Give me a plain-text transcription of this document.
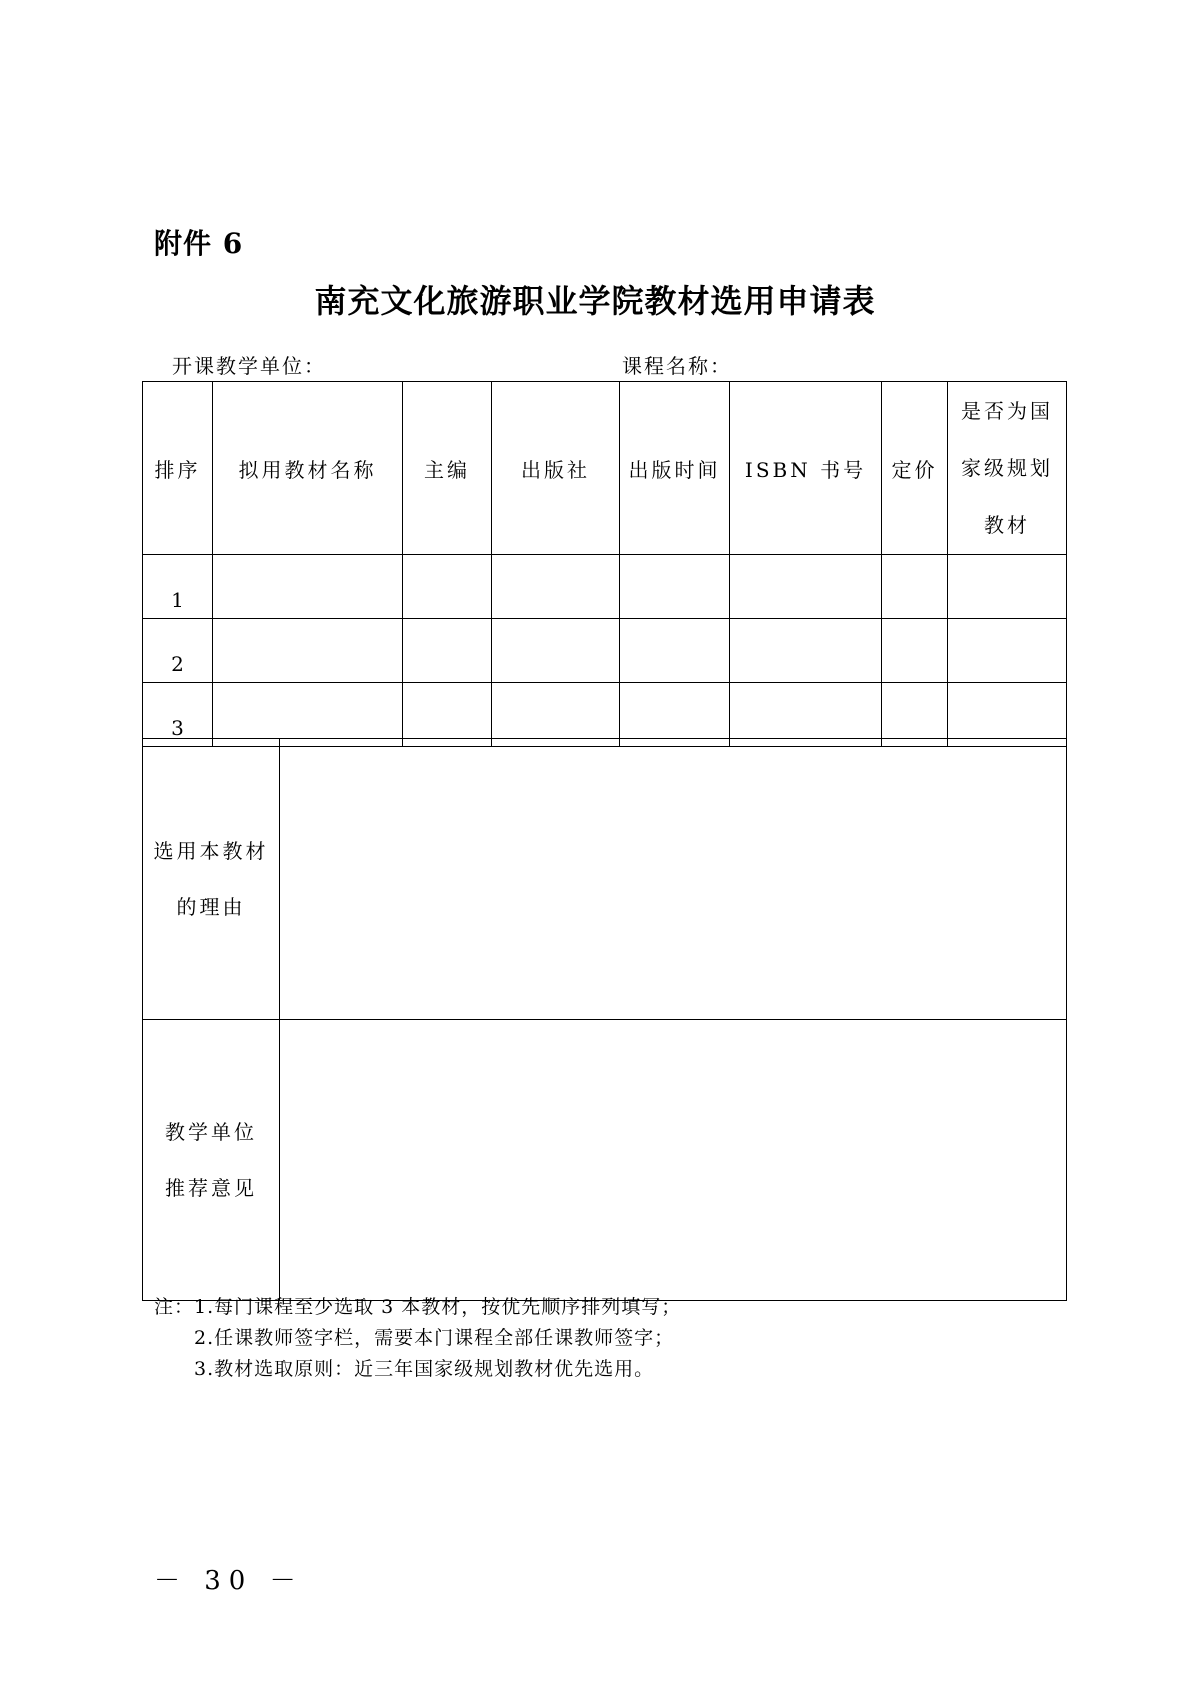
附件 6
南充文化旅游职业学院教材选用申请表
开课教学单位：	课程名称：
排序	拟用教材名称	主编	出版社	出版时间	ISBN 书号	定价	是否为国
家级规划
教材

1							
2							
3							
选用本教材
的理由	

教学单位
推荐意见	

注：1.每门课程至少选取 3 本教材，按优先顺序排列填写；
2.任课教师签字栏，需要本门课程全部任课教师签字；
3.教材选取原则：近三年国家级规划教材优先选用。
－ 30 －
